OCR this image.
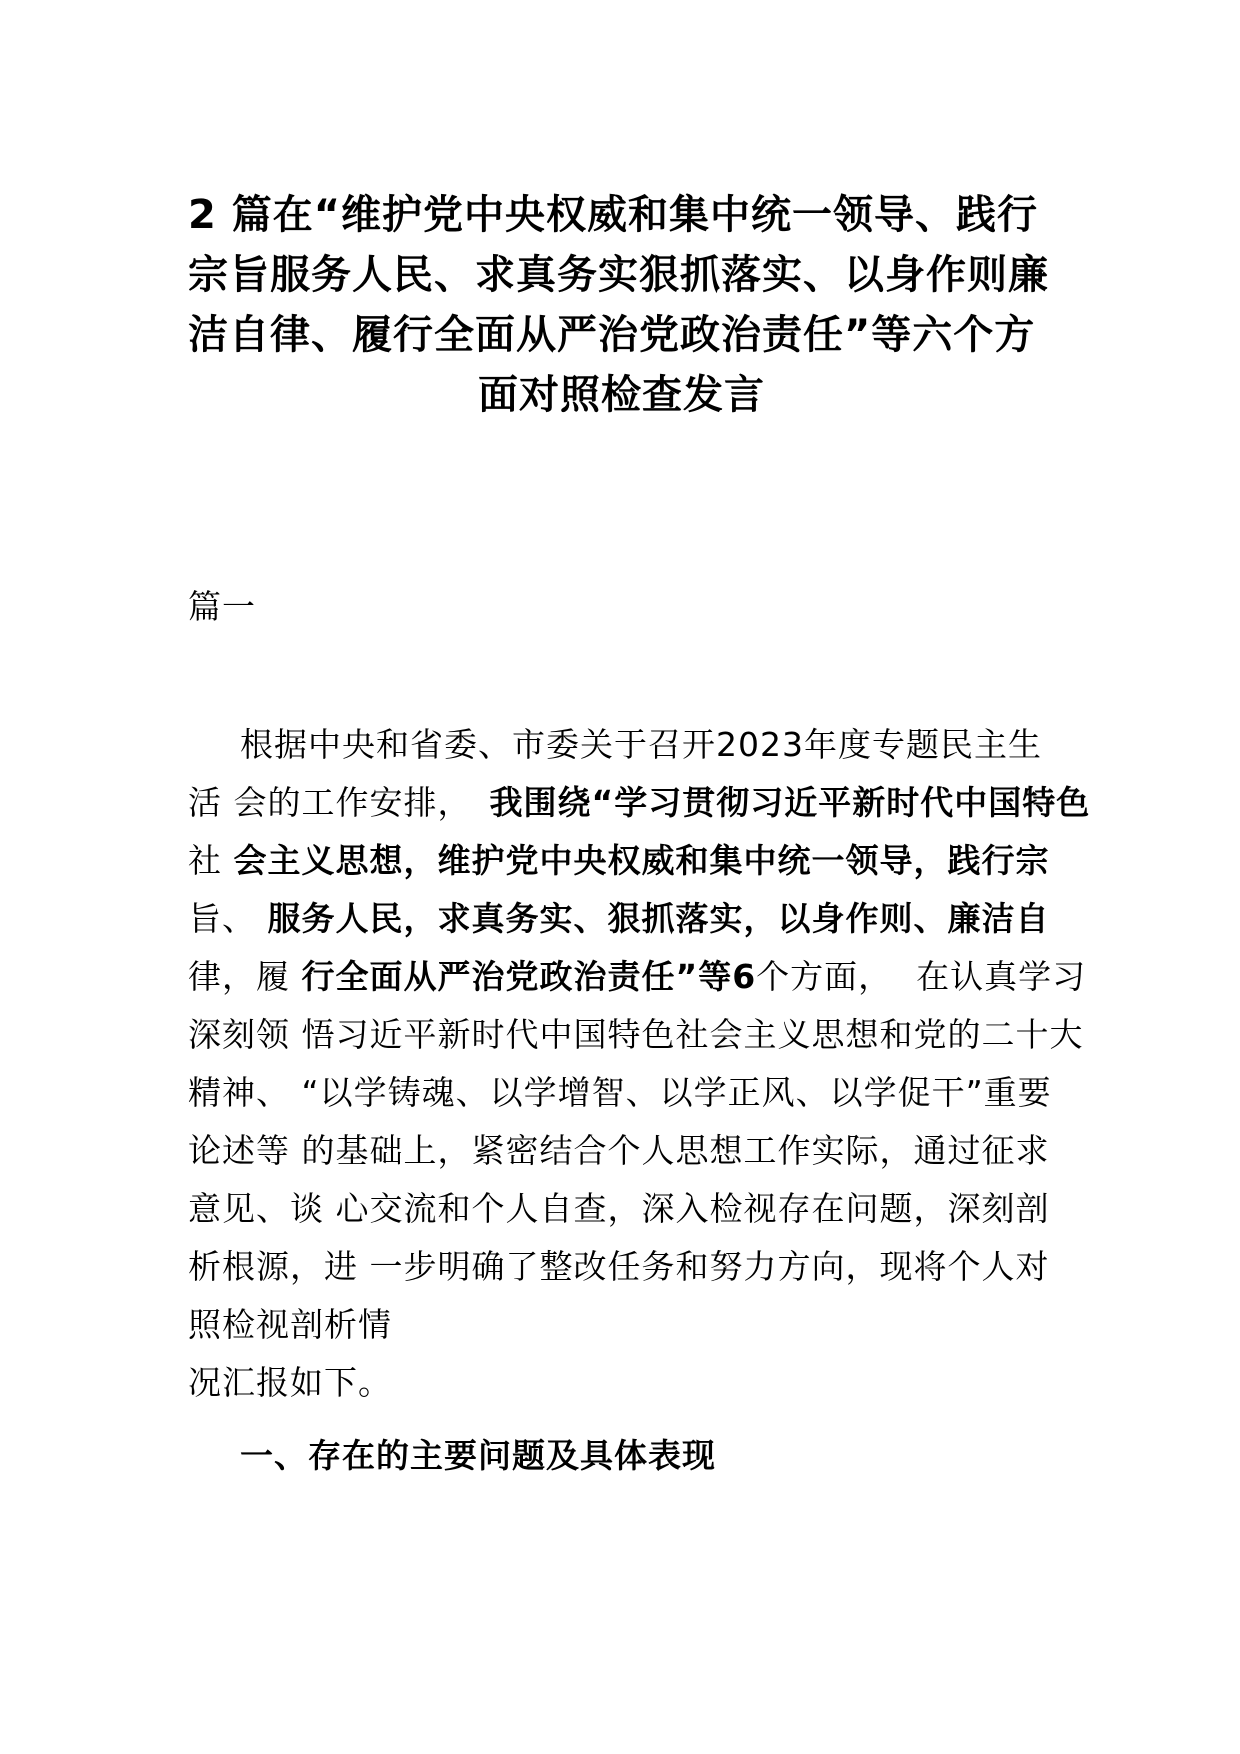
2 篇在“维护党中央权威和集中统一领导、践行
宗旨服务人民、求真务实狠抓落实、以身作则廉
洁自律、履行全面从严治党政治责任”等六个方
面对照检查发言
篇一
根据中央和省委、市委关于召开2023年度专题民主生
活 会的工作安排， 我围绕“学习贯彻习近平新时代中国特色
社 会主义思想，维护党中央权威和集中统一领导，践行宗
旨、 服务人民，求真务实、狠抓落实，以身作则、廉洁自
律，履 行全面从严治党政治责任”等6个方面， 在认真学习
深刻领 悟习近平新时代中国特色社会主义思想和党的二十大
精神、 “以学铸魂、以学增智、以学正风、以学促干”重要
论述等 的基础上，紧密结合个人思想工作实际，通过征求
意见、谈 心交流和个人自查，深入检视存在问题，深刻剖
析根源，进 一步明确了整改任务和努力方向，现将个人对
照检视剖析情
况汇报如下。
一、存在的主要问题及具体表现
